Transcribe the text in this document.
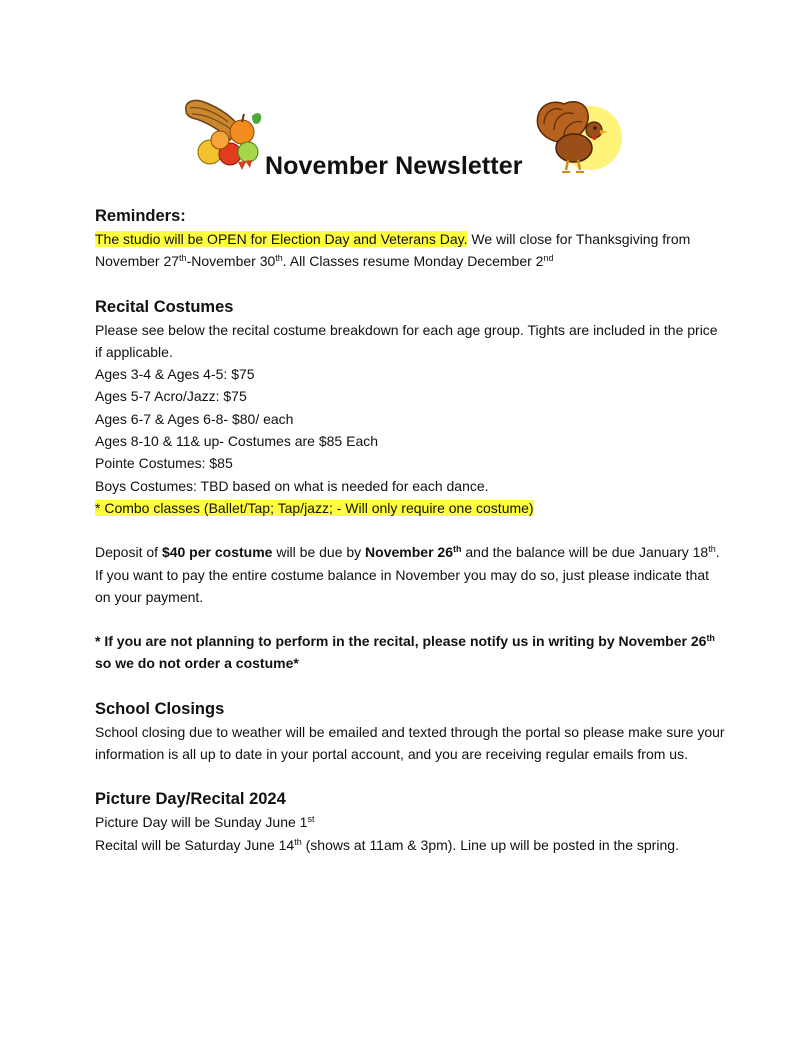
November Newsletter
Reminders:

The studio will be OPEN for Election Day and Veterans Day. We will close for Thanksgiving from November 27th-November 30th. All Classes resume Monday December 2nd

Recital Costumes

Please see below the recital costume breakdown for each age group. Tights are included in the price if applicable.

Ages 3-4 & Ages 4-5: $75

Ages 5-7 Acro/Jazz: $75

Ages 6-7 & Ages 6-8- $80/ each

Ages 8-10 & 11& up- Costumes are $85 Each

Pointe Costumes: $85

Boys Costumes: TBD based on what is needed for each dance.

* Combo classes (Ballet/Tap; Tap/jazz; - Will only require one costume)

Deposit of $40 per costume will be due by November 26th and the balance will be due January 18th. If you want to pay the entire costume balance in November you may do so, just please indicate that on your payment.

* If you are not planning to perform in the recital, please notify us in writing by November 26th so we do not order a costume*

School Closings

School closing due to weather will be emailed and texted through the portal so please make sure your information is all up to date in your portal account, and you are receiving regular emails from us.

Picture Day/Recital 2024

Picture Day will be Sunday June 1st

Recital will be Saturday June 14th (shows at 11am & 3pm). Line up will be posted in the spring.
